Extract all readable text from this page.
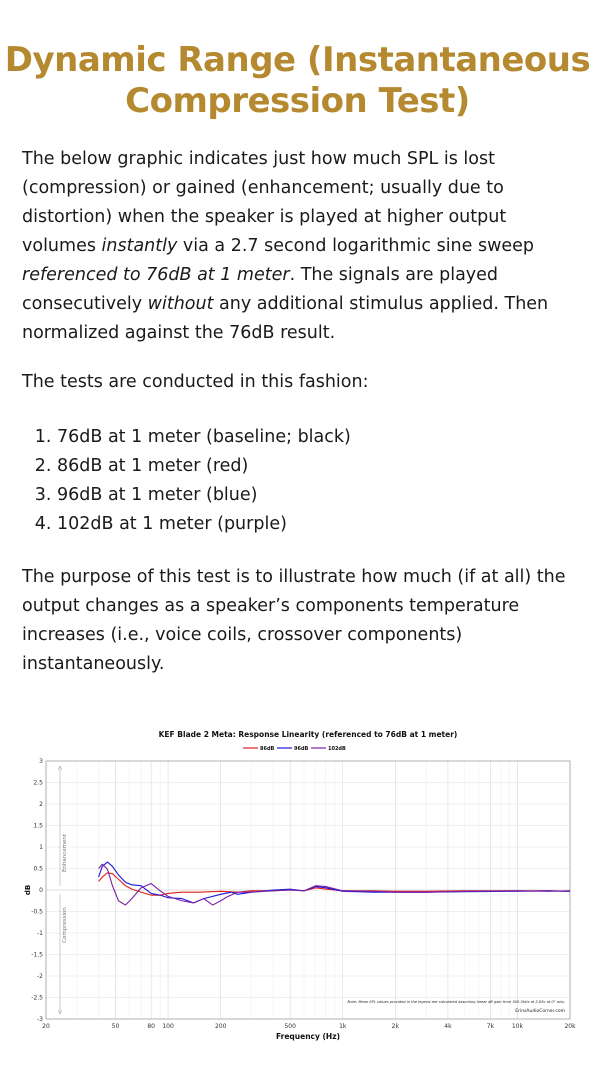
Dynamic Range (Instantaneous Compression Test)

The below graphic indicates just how much SPL is lost (compression) or gained (enhancement; usually due to distortion) when the speaker is played at higher output volumes instantly via a 2.7 second logarithmic sine sweep referenced to 76dB at 1 meter. The signals are played consecutively without any additional stimulus applied. Then normalized against the 76dB result.

The tests are conducted in this fashion:

1. 76dB at 1 meter (baseline; black)
2. 86dB at 1 meter (red)
3. 96dB at 1 meter (blue)
4. 102dB at 1 meter (purple)

The purpose of this test is to illustrate how much (if at all) the output changes as a speaker’s components temperature increases (i.e., voice coils, crossover components) instantaneously.

KEF Blade 2 Meta: Response Linearity (referenced to 76dB at 1 meter)
86dB	96dB	102dB
3
2.5
2
1.5
1
0.5
0
-0.5
-1
-1.5
-2
-2.5
-3
20	50	80 100	200	500	1k	2k	4k	7k	10k	20k
Frequency (Hz)
dB
Enhancement
Compression
Note: Mean SPL values provided in the legend are calculated assuming linear dB gain from 300-3kHz at 2.83v at 0° axis.
ErinsAudioCorner.com
